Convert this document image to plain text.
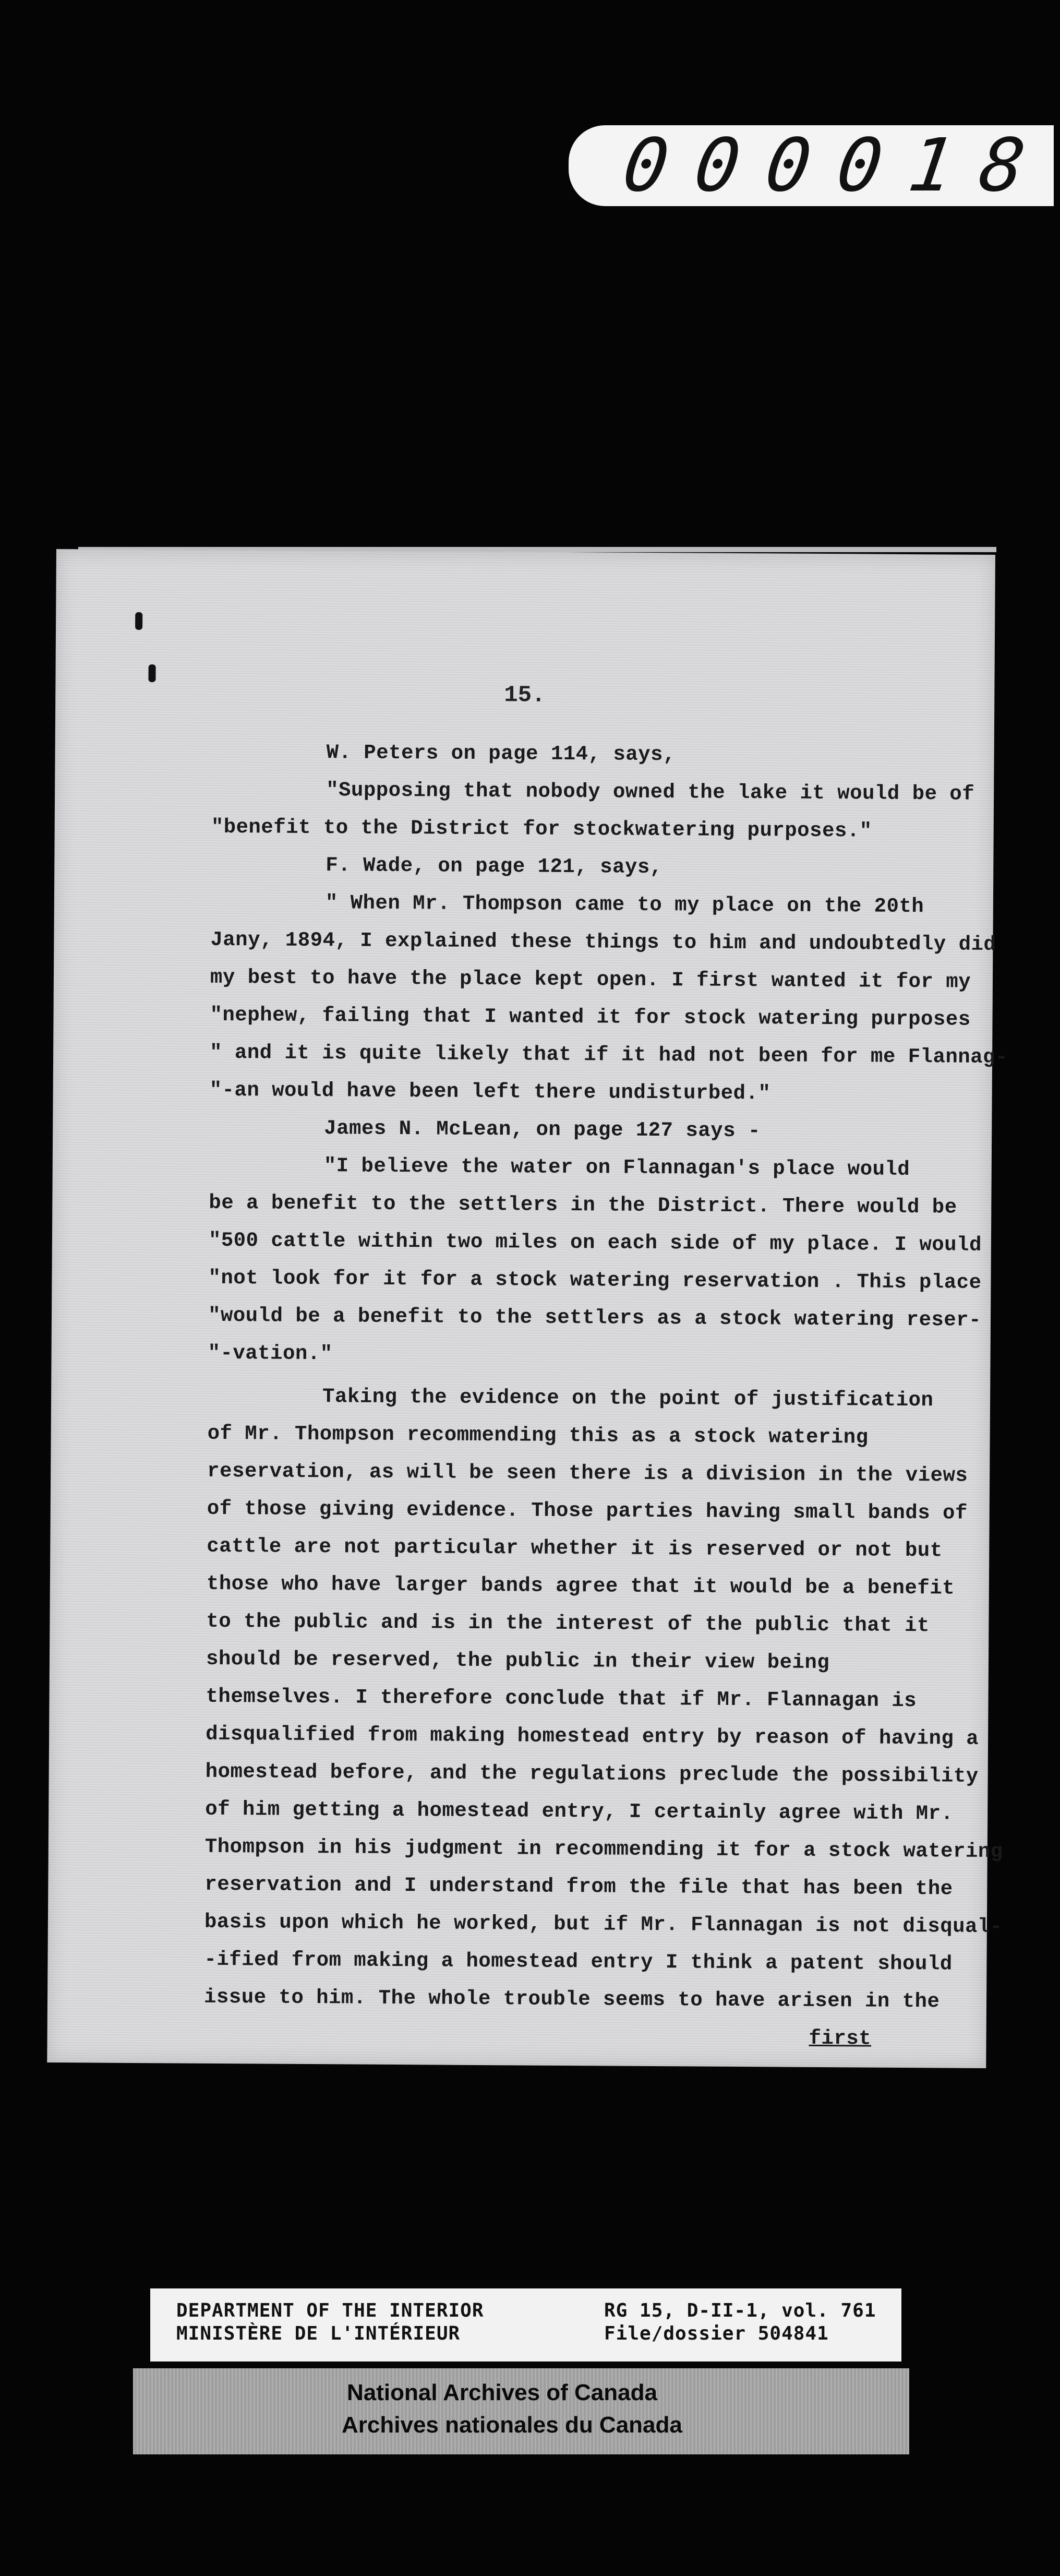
0 0 0 0 1 8
15.
W. Peters on page 114, says,
"Supposing that nobody owned the lake it would be of
"benefit to the District for stockwatering purposes."
F. Wade, on page 121, says,
" When Mr. Thompson came to my place on the 20th
Jany, 1894, I explained these things to him and undoubtedly did
my best to have the place kept open. I first wanted it for my
"nephew, failing that I wanted it for stock watering purposes
" and it is quite likely that if it had not been for me Flannag-
"-an would have been left there undisturbed."
James N. McLean, on page 127 says -
"I believe the water on Flannagan's place would
be a benefit to the settlers in the District. There would be
"500 cattle within two miles on each side of my place. I would
"not look for it for a stock watering reservation . This place
"would be a benefit to the settlers as a stock watering reser-
"-vation."
Taking the evidence on the point of justification
of Mr. Thompson recommending this as a stock watering
reservation, as will be seen there is a division in the views
of those giving evidence. Those parties having small bands of
cattle are not particular whether it is reserved or not but
those who have larger bands agree that it would be a benefit
to the public and is in the interest of the public that it
should be reserved, the public in their view being
themselves. I therefore conclude that if Mr. Flannagan is
disqualified from making homestead entry by reason of having a
homestead before, and the regulations preclude the possibility
of him getting a homestead entry, I certainly agree with Mr.
Thompson in his judgment in recommending it for a stock watering
reservation and I understand from the file that has been the
basis upon which he worked, but if Mr. Flannagan is not disqual-
-ified from making a homestead entry I think a patent should
issue to him. The whole trouble seems to have arisen in the
first
DEPARTMENT OF THE INTERIOR
MINISTÈRE DE L'INTÉRIEUR
RG 15, D-II-1, vol. 761
File/dossier 504841
National Archives of Canada
Archives nationales du Canada
